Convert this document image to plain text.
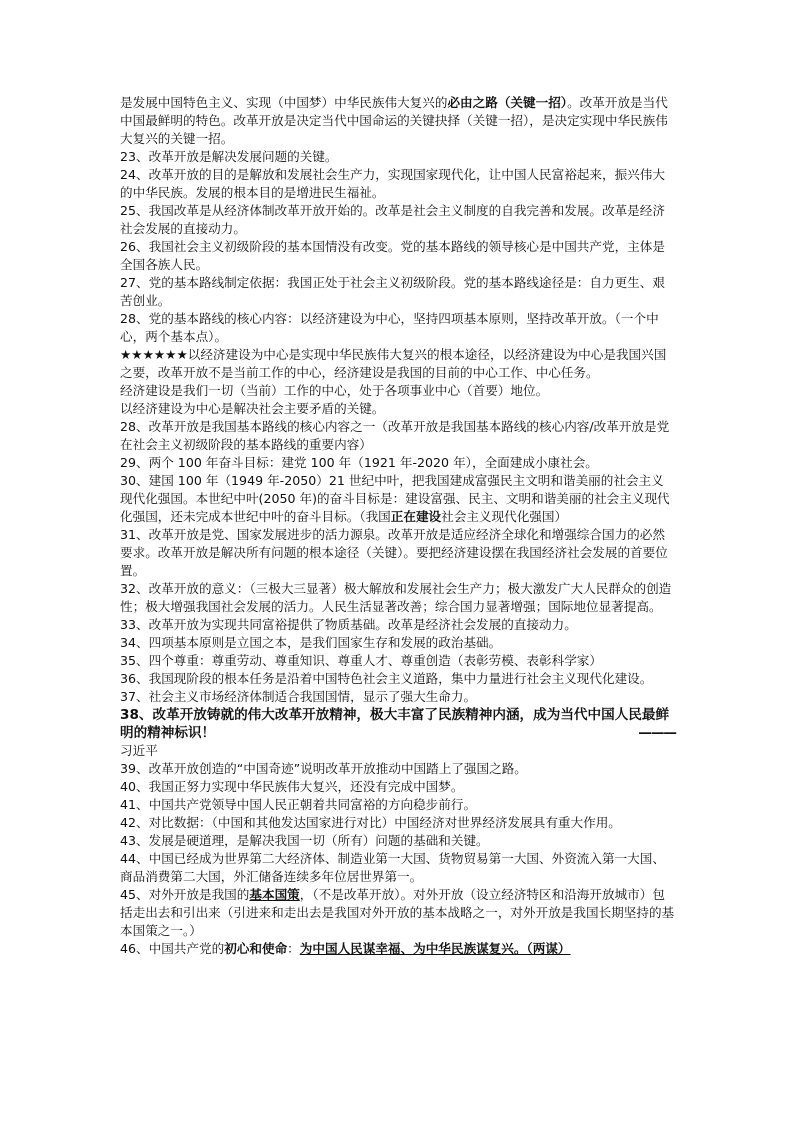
是发展中国特色主义、实现（中国梦）中华民族伟大复兴的必由之路（关键一招）。改革开放是当代中国最鲜明的特色。改革开放是决定当代中国命运的关键抉择（关键一招），是决定实现中华民族伟大复兴的关键一招。

23、改革开放是解决发展问题的关键。

24、改革开放的目的是解放和发展社会生产力，实现国家现代化，让中国人民富裕起来，振兴伟大的中华民族。发展的根本目的是增进民生福祉。

25、我国改革是从经济体制改革开放开始的。改革是社会主义制度的自我完善和发展。改革是经济社会发展的直接动力。

26、我国社会主义初级阶段的基本国情没有改变。党的基本路线的领导核心是中国共产党，主体是全国各族人民。

27、党的基本路线制定依据：我国正处于社会主义初级阶段。党的基本路线途径是：自力更生、艰苦创业。

28、党的基本路线的核心内容：以经济建设为中心，坚持四项基本原则，坚持改革开放。（一个中心，两个基本点）。

★★★★★★以经济建设为中心是实现中华民族伟大复兴的根本途径，以经济建设为中心是我国兴国之要，改革开放不是当前工作的中心，经济建设是我国的目前的中心工作、中心任务。

经济建设是我们一切（当前）工作的中心，处于各项事业中心（首要）地位。

以经济建设为中心是解决社会主要矛盾的关键。

28、改革开放是我国基本路线的核心内容之一（改革开放是我国基本路线的核心内容/改革开放是党在社会主义初级阶段的基本路线的重要内容）

29、两个 100 年奋斗目标：建党 100 年（1921 年-2020 年），全面建成小康社会。

30、建国 100 年（1949 年-2050）21 世纪中叶，把我国建成富强民主文明和谐美丽的社会主义现代化强国。本世纪中叶(2050 年)的奋斗目标是：建设富强、民主、文明和谐美丽的社会主义现代化强国，还未完成本世纪中叶的奋斗目标。（我国正在建设社会主义现代化强国）

31、改革开放是党、国家发展进步的活力源泉。改革开放是适应经济全球化和增强综合国力的必然要求。改革开放是解决所有问题的根本途径（关键）。要把经济建设摆在我国经济社会发展的首要位置。

32、改革开放的意义：（三极大三显著）极大解放和发展社会生产力；极大激发广大人民群众的创造性；极大增强我国社会发展的活力。人民生活显著改善；综合国力显著增强；国际地位显著提高。

33、改革开放为实现共同富裕提供了物质基础。改革是经济社会发展的直接动力。

34、四项基本原则是立国之本，是我们国家生存和发展的政治基础。

35、四个尊重：尊重劳动、尊重知识、尊重人才、尊重创造（表彰劳模、表彰科学家）

36、我国现阶段的根本任务是沿着中国特色社会主义道路，集中力量进行社会主义现代化建设。

37、社会主义市场经济体制适合我国国情，显示了强大生命力。

38、改革开放铸就的伟大改革开放精神，极大丰富了民族精神内涵，成为当代中国人民最鲜明的精神标识！	———

习近平

39、改革开放创造的“中国奇迹”说明改革开放推动中国踏上了强国之路。

40、我国正努力实现中华民族伟大复兴，还没有完成中国梦。

41、中国共产党领导中国人民正朝着共同富裕的方向稳步前行。

42、对比数据：（中国和其他发达国家进行对比）中国经济对世界经济发展具有重大作用。

43、发展是硬道理，是解决我国一切（所有）问题的基础和关键。

44、中国已经成为世界第二大经济体、制造业第一大国、货物贸易第一大国、外资流入第一大国、商品消费第二大国，外汇储备连续多年位居世界第一。

45、对外开放是我国的基本国策，（不是改革开放）。对外开放（设立经济特区和沿海开放城市）包括走出去和引出来（引进来和走出去是我国对外开放的基本战略之一，对外开放是我国长期坚持的基本国策之一。）

46、中国共产党的初心和使命：为中国人民谋幸福、为中华民族谋复兴。（两谋）
